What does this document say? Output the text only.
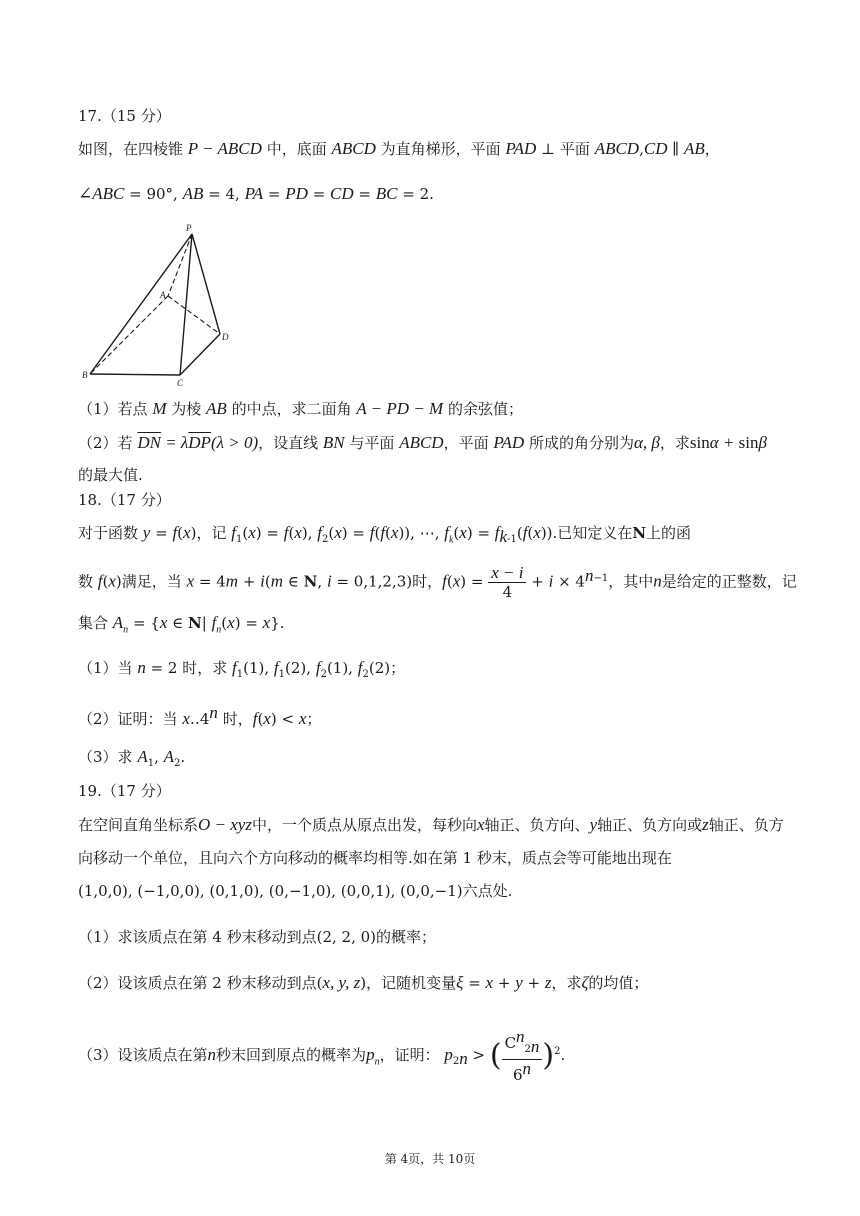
17.（15 分）
如图，在四棱锥 P − ABCD 中，底面 ABCD 为直角梯形，平面 PAD ⊥ 平面 ABCD,CD ∥ AB，
∠ABC = 90°, AB = 4, PA = PD = CD = BC = 2.
P
A
B
C
D
（1）若点 M 为棱 AB 的中点，求二面角 A − PD − M 的余弦值；
（2）若 $\overline{DN} = \lambda\overline{DP}(\lambda > 0)$，设直线 BN 与平面 ABCD，平面 PAD 所成的角分别为α, β，求sinα + sinβ
的最大值.
18.（17 分）
对于函数 y = f(x)，记 $f_1(x) = f(x)$, $f_2(x) = f(f(x))$, ⋯, $f_k(x) = f_{k-1}(f(x))$.已知定义在N上的函
数 f(x)满足，当 x = 4m + i(m ∈ N, i = 0,1,2,3)时，$f(x) = \frac{x - i}{4} + i \times 4^{n-1}$，其中n是给定的正整数，记
集合 $A_n = \{x$ ∈ N| $f_n(x) = x$}.
（1）当 n = 2 时，求 $f_1(1)$, $f_1(2)$, $f_2(1)$, $f_2(2)$；
（2）证明：当 x‥4$^n$ 时，f(x) < x；
（3）求 $A_1$, $A_2$.
19.（17 分）
在空间直角坐标系O − xyz中，一个质点从原点出发，每秒向x轴正、负方向、y轴正、负方向或z轴正、负方
向移动一个单位，且向六个方向移动的概率均相等.如在第 1 秒末，质点会等可能地出现在
(1,0,0), (−1,0,0), (0,1,0), (0,−1,0), (0,0,1), (0,0,−1)六点处.
（1）求该质点在第 4 秒末移动到点(2, 2, 0)的概率；
（2）设该质点在第 2 秒末移动到点(x, y, z)，记随机变量ξ = x + y + z，求ζ的均值；
（3）设该质点在第n秒末回到原点的概率为$p_n$，证明： $p_{2n}$ > ( $\frac{C^n_{2n}}{6^n} )^2$.
第 4页，共 10页
